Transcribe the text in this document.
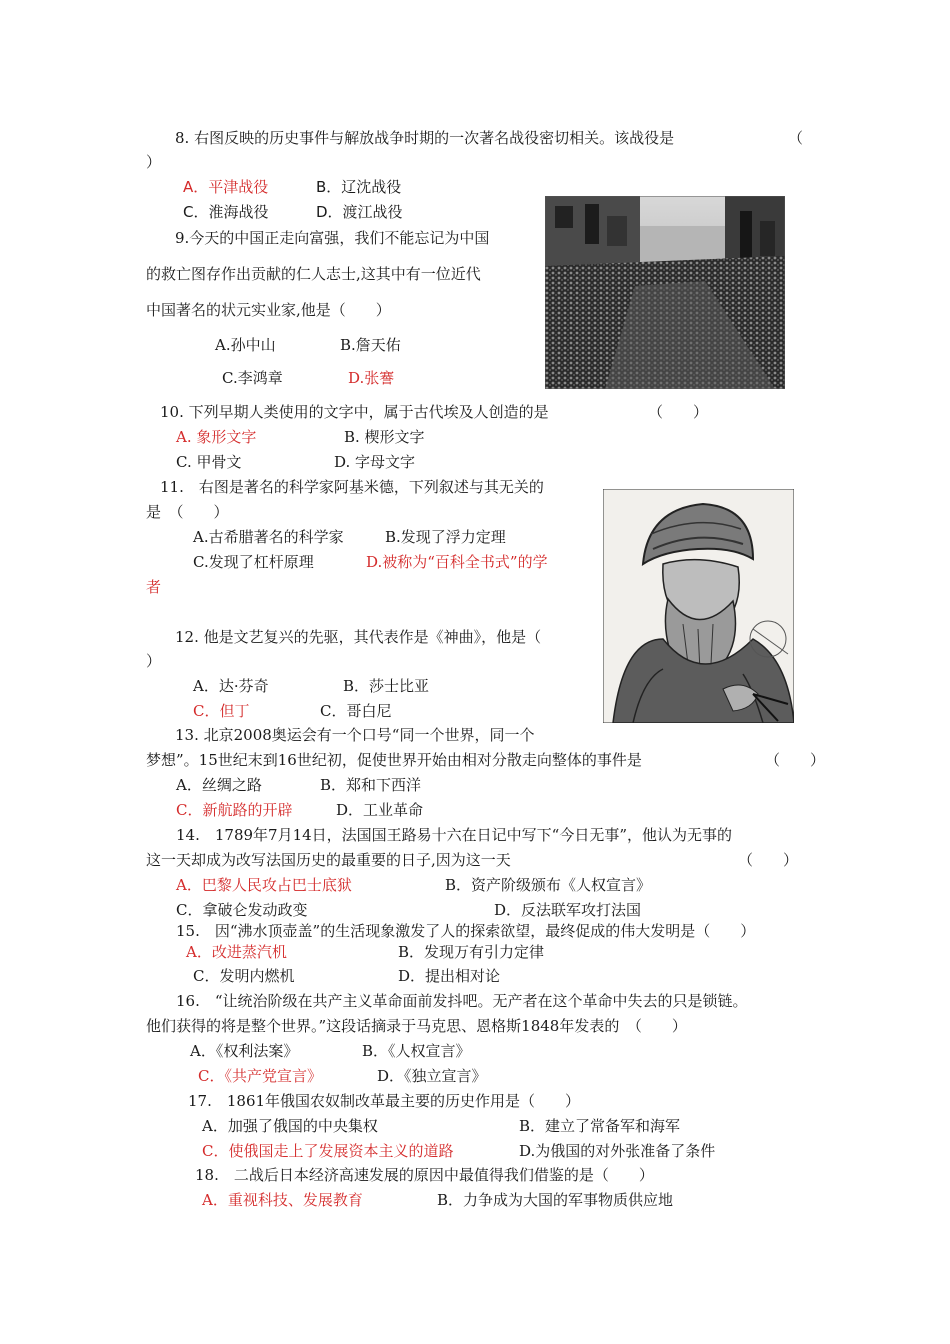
8. 右图反映的历史事件与解放战争时期的一次著名战役密切相关。该战役是	（
）
A．平津战役	B．辽沈战役
C．淮海战役	D．渡江战役
9.今天的中国正走向富强，我们不能忘记为中国
的救亡图存作出贡献的仁人志士,这其中有一位近代
中国著名的状元实业家,他是（　　）
A.孙中山	B.詹天佑
C.李鸿章	D.张謇
10. 下列早期人类使用的文字中，属于古代埃及人创造的是	（　　）
A. 象形文字	B. 楔形文字
C. 甲骨文	D. 字母文字
11.　右图是著名的科学家阿基米德，下列叙述与其无关的
是　（　　）
A.古希腊著名的科学家	B.发现了浮力定理
C.发现了杠杆原理	D.被称为“百科全书式”的学
者
12. 他是文艺复兴的先驱，其代表作是《神曲》，他是（
）
A．达·芬奇	B．莎士比亚
C．但丁	C．哥白尼
13. 北京2008奥运会有一个口号“同一个世界，同一个
梦想”。15世纪末到16世纪初，促使世界开始由相对分散走向整体的事件是	（　　）
A．丝绸之路	B．郑和下西洋
C．新航路的开辟	D．工业革命
14.　1789年7月14日，法国国王路易十六在日记中写下“今日无事”，他认为无事的
这一天却成为改写法国历史的最重要的日子,因为这一天	（　　）
A．巴黎人民攻占巴士底狱	B．资产阶级颁布《人权宣言》
C．拿破仑发动政变	D．反法联军攻打法国
15.　因“沸水顶壶盖”的生活现象激发了人的探索欲望，最终促成的伟大发明是（　　）
A．改进蒸汽机	B．发现万有引力定律
C．发明内燃机	D．提出相对论
16.　“让统治阶级在共产主义革命面前发抖吧。无产者在这个革命中失去的只是锁链。
他们获得的将是整个世界。”这段话摘录于马克思、恩格斯1848年发表的　（　　）
A．《权利法案》	B．《人权宣言》
C．《共产党宣言》	D．《独立宣言》
17.　1861年俄国农奴制改革最主要的历史作用是（　　）
A．加强了俄国的中央集权	B．建立了常备军和海军
C．使俄国走上了发展资本主义的道路	D.为俄国的对外张准备了条件
18.　二战后日本经济高速发展的原因中最值得我们借鉴的是（　　）
A．重视科技、发展教育	B．力争成为大国的军事物质供应地
